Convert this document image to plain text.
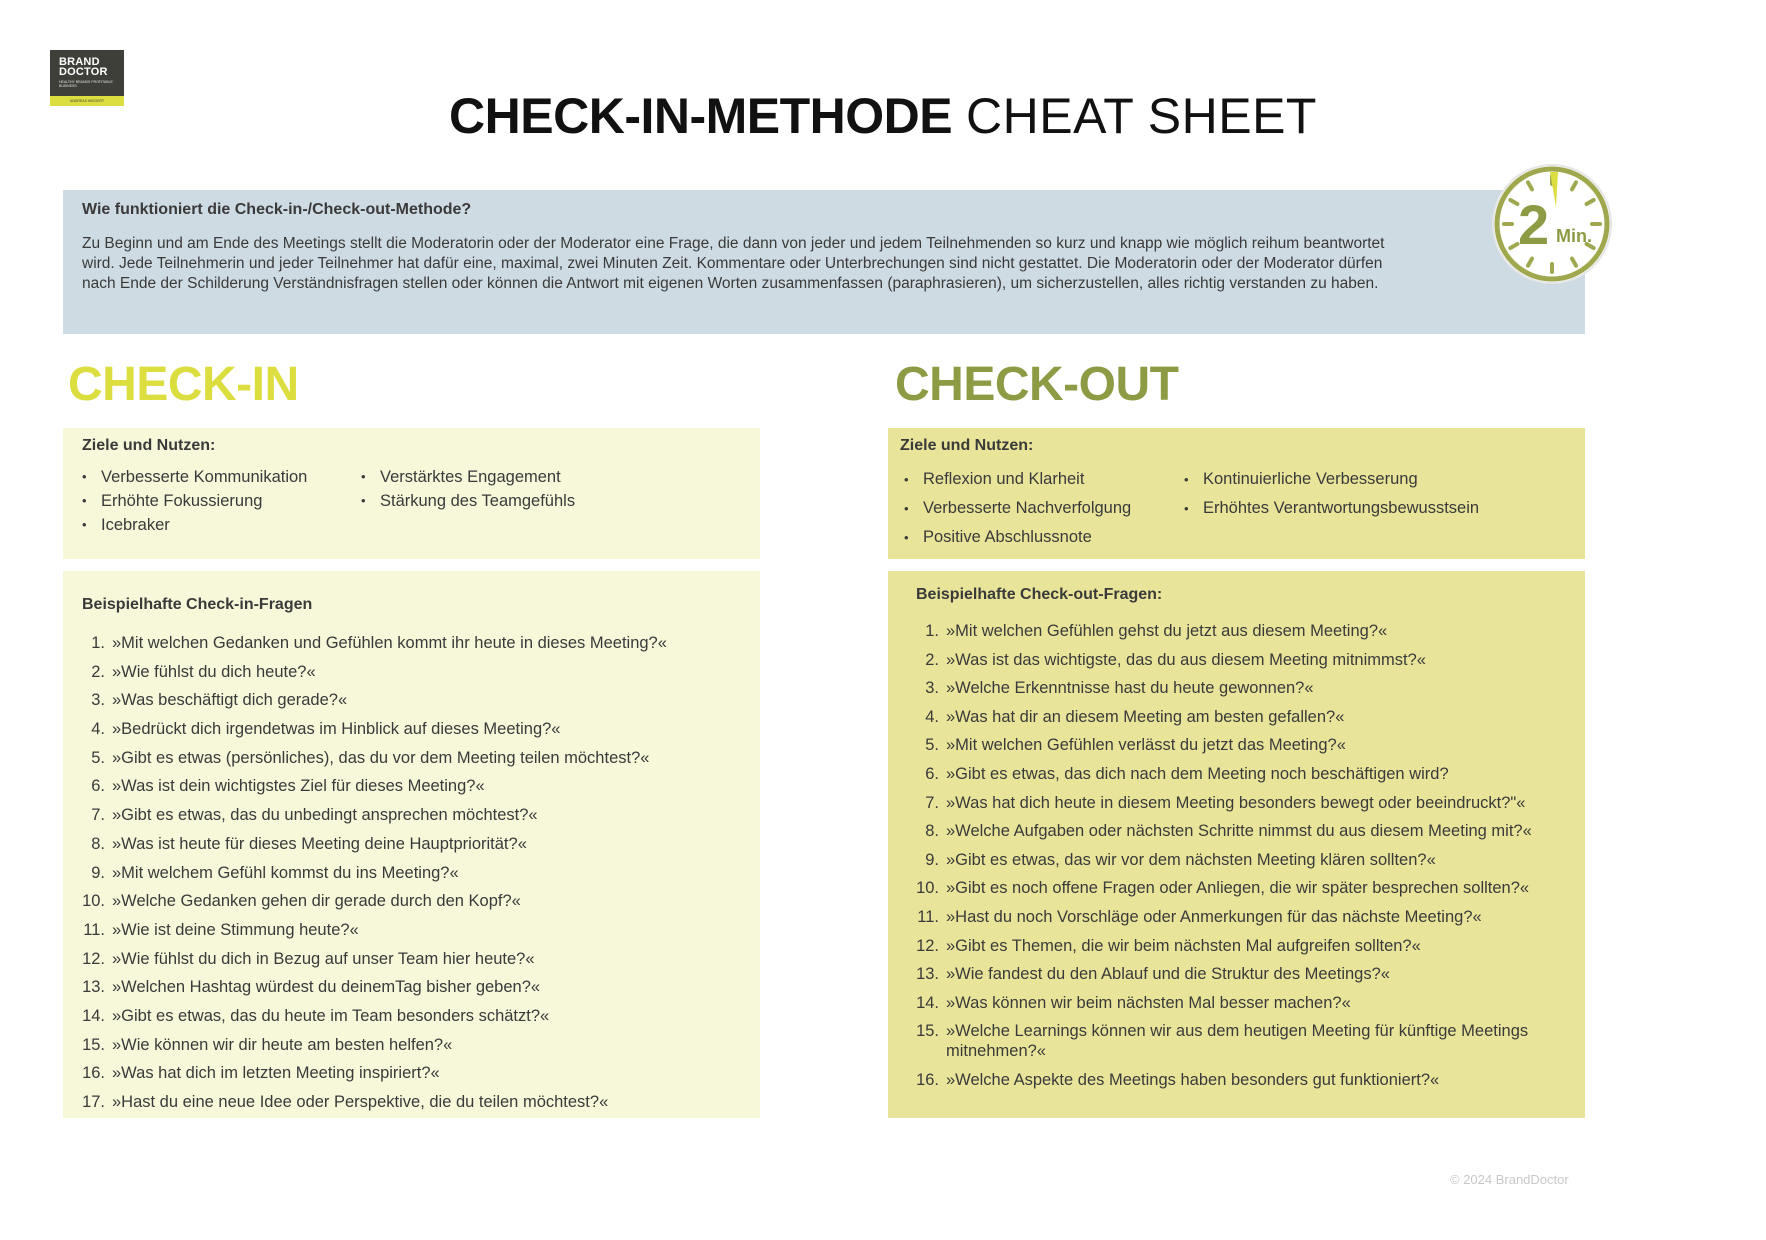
BRAND
DOCTOR
HEALTHY BRANDS PROFITABLE BUSINESS
ANDREAS WEIGERT	CHECK-IN-METHODE CHEAT SHEET
Wie funktioniert die Check-in-/Check-out-Methode?

Zu Beginn und am Ende des Meetings stellt die Moderatorin oder der Moderator eine Frage, die dann von jeder und jedem Teilnehmenden so kurz und knapp wie möglich reihum beantwortet wird. Jede Teilnehmerin und jeder Teilnehmer hat dafür eine, maximal, zwei Minuten Zeit. Kommentare oder Unterbrechungen sind nicht gestattet. Die Moderatorin oder der Moderator dürfen nach Ende der Schilderung Verständnisfragen stellen oder können die Antwort mit eigenen Worten zusammenfassen (paraphrasieren), um sicherzustellen, alles richtig verstanden zu haben.

2 Min.
CHECK-IN	CHECK-OUT
Ziele und Nutzen:
• Verbesserte Kommunikation
• Erhöhte Fokussierung
• Icebraker
• Verstärktes Engagement
• Stärkung des Teamgefühls
Ziele und Nutzen:
• Reflexion und Klarheit
• Verbesserte Nachverfolgung
• Positive Abschlussnote
• Kontinuierliche Verbesserung
• Erhöhtes Verantwortungsbewusstsein
Beispielhafte Check-in-Fragen
1. »Mit welchen Gedanken und Gefühlen kommt ihr heute in dieses Meeting?«
2. »Wie fühlst du dich heute?«
3. »Was beschäftigt dich gerade?«
4. »Bedrückt dich irgendetwas im Hinblick auf dieses Meeting?«
5. »Gibt es etwas (persönliches), das du vor dem Meeting teilen möchtest?«
6. »Was ist dein wichtigstes Ziel für dieses Meeting?«
7. »Gibt es etwas, das du unbedingt ansprechen möchtest?«
8. »Was ist heute für dieses Meeting deine Hauptpriorität?«
9. »Mit welchem Gefühl kommst du ins Meeting?«
10. »Welche Gedanken gehen dir gerade durch den Kopf?«
11. »Wie ist deine Stimmung heute?«
12. »Wie fühlst du dich in Bezug auf unser Team hier heute?«
13. »Welchen Hashtag würdest du deinemTag bisher geben?«
14. »Gibt es etwas, das du heute im Team besonders schätzt?«
15. »Wie können wir dir heute am besten helfen?«
16. »Was hat dich im letzten Meeting inspiriert?«
17. »Hast du eine neue Idee oder Perspektive, die du teilen möchtest?«
Beispielhafte Check-out-Fragen:
1. »Mit welchen Gefühlen gehst du jetzt aus diesem Meeting?«
2. »Was ist das wichtigste, das du aus diesem Meeting mitnimmst?«
3. »Welche Erkenntnisse hast du heute gewonnen?«
4. »Was hat dir an diesem Meeting am besten gefallen?«
5. »Mit welchen Gefühlen verlässt du jetzt das Meeting?«
6. »Gibt es etwas, das dich nach dem Meeting noch beschäftigen wird?
7. »Was hat dich heute in diesem Meeting besonders bewegt oder beeindruckt?"«
8. »Welche Aufgaben oder nächsten Schritte nimmst du aus diesem Meeting mit?«
9. »Gibt es etwas, das wir vor dem nächsten Meeting klären sollten?«
10. »Gibt es noch offene Fragen oder Anliegen, die wir später besprechen sollten?«
11. »Hast du noch Vorschläge oder Anmerkungen für das nächste Meeting?«
12. »Gibt es Themen, die wir beim nächsten Mal aufgreifen sollten?«
13. »Wie fandest du den Ablauf und die Struktur des Meetings?«
14. »Was können wir beim nächsten Mal besser machen?«
15. »Welche Learnings können wir aus dem heutigen Meeting für künftige Meetings mitnehmen?«
16. »Welche Aspekte des Meetings haben besonders gut funktioniert?«
© 2024 BrandDoctor
